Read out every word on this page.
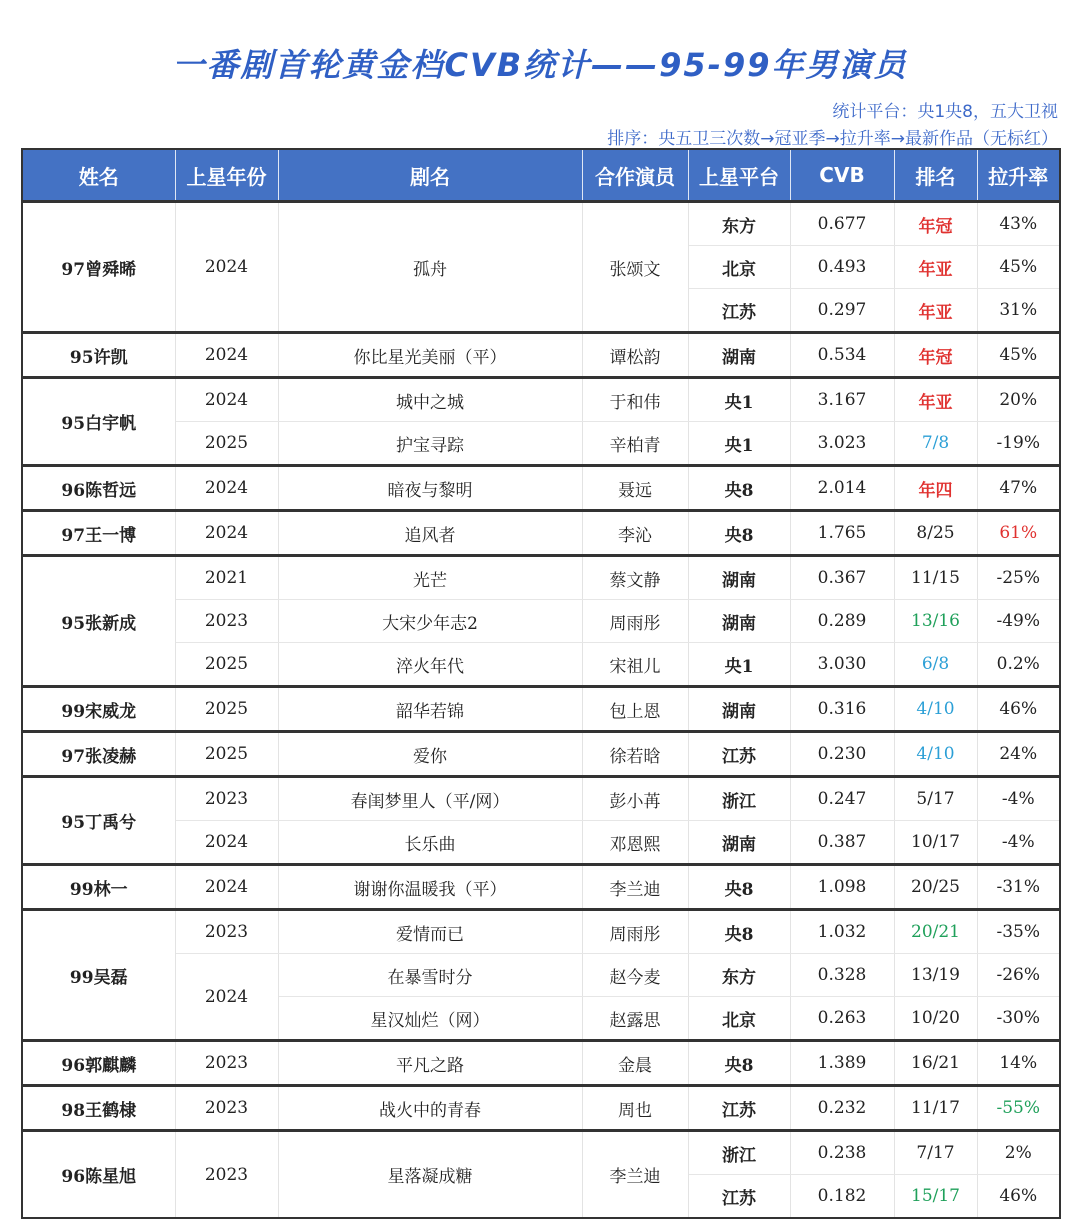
一番剧首轮黄金档CVB统计——95-99年男演员
统计平台：央1央8，五大卫视
排序：央五卫三次数→冠亚季→拉升率→最新作品（无标红）
姓名	上星年份	剧名	合作演员	上星平台	CVB	排名	拉升率
97曾舜晞	2024	孤舟	张颂文	东方	0.677	年冠	43%
				北京	0.493	年亚	45%
				江苏	0.297	年亚	31%
95许凯	2024	你比星光美丽（平）	谭松韵	湖南	0.534	年冠	45%
95白宇帆	2024	城中之城	于和伟	央1	3.167	年亚	20%
	2025	护宝寻踪	辛柏青	央1	3.023	7/8	-19%
96陈哲远	2024	暗夜与黎明	聂远	央8	2.014	年四	47%
97王一博	2024	追风者	李沁	央8	1.765	8/25	61%
95张新成	2021	光芒	蔡文静	湖南	0.367	11/15	-25%
	2023	大宋少年志2	周雨彤	湖南	0.289	13/16	-49%
	2025	淬火年代	宋祖儿	央1	3.030	6/8	0.2%
99宋威龙	2025	韶华若锦	包上恩	湖南	0.316	4/10	46%
97张凌赫	2025	爱你	徐若晗	江苏	0.230	4/10	24%
95丁禹兮	2023	春闺梦里人（平/网）	彭小苒	浙江	0.247	5/17	-4%
	2024	长乐曲	邓恩熙	湖南	0.387	10/17	-4%
99林一	2024	谢谢你温暖我（平）	李兰迪	央8	1.098	20/25	-31%
99吴磊	2023	爱情而已	周雨彤	央8	1.032	20/21	-35%
	2024	在暴雪时分	赵今麦	东方	0.328	13/19	-26%
		星汉灿烂（网）	赵露思	北京	0.263	10/20	-30%
96郭麒麟	2023	平凡之路	金晨	央8	1.389	16/21	14%
98王鹤棣	2023	战火中的青春	周也	江苏	0.232	11/17	-55%
96陈星旭	2023	星落凝成糖	李兰迪	浙江	0.238	7/17	2%
				江苏	0.182	15/17	46%
